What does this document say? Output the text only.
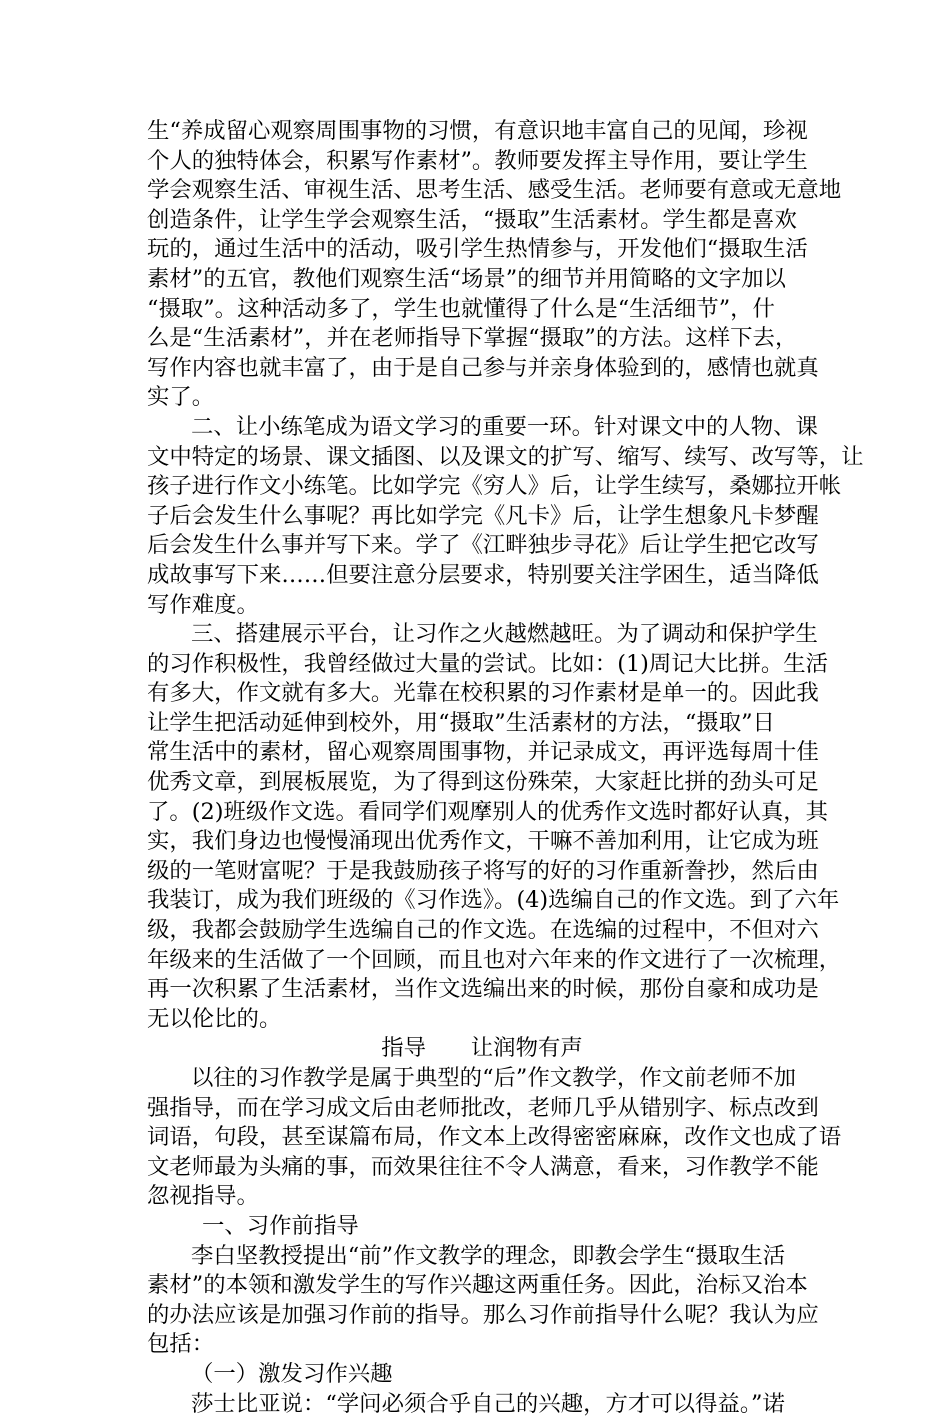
生“养成留心观察周围事物的习惯，有意识地丰富自己的见闻，珍视
个人的独特体会，积累写作素材”。教师要发挥主导作用，要让学生
学会观察生活、审视生活、思考生活、感受生活。老师要有意或无意地
创造条件，让学生学会观察生活，“摄取”生活素材。学生都是喜欢
玩的，通过生活中的活动，吸引学生热情参与，开发他们“摄取生活
素材”的五官，教他们观察生活“场景”的细节并用简略的文字加以
“摄取”。这种活动多了，学生也就懂得了什么是“生活细节”，什
么是“生活素材”，并在老师指导下掌握“摄取”的方法。这样下去，
写作内容也就丰富了，由于是自己参与并亲身体验到的，感情也就真
实了。
二、让小练笔成为语文学习的重要一环。针对课文中的人物、课
文中特定的场景、课文插图、以及课文的扩写、缩写、续写、改写等，让
孩子进行作文小练笔。比如学完《穷人》后，让学生续写，桑娜拉开帐
子后会发生什么事呢？再比如学完《凡卡》后，让学生想象凡卡梦醒
后会发生什么事并写下来。学了《江畔独步寻花》后让学生把它改写
成故事写下来……但要注意分层要求，特别要关注学困生，适当降低
写作难度。
三、搭建展示平台，让习作之火越燃越旺。为了调动和保护学生
的习作积极性，我曾经做过大量的尝试。比如：(1)周记大比拼。生活
有多大，作文就有多大。光靠在校积累的习作素材是单一的。因此我
让学生把活动延伸到校外，用“摄取”生活素材的方法，“摄取”日
常生活中的素材，留心观察周围事物，并记录成文，再评选每周十佳
优秀文章，到展板展览，为了得到这份殊荣，大家赶比拼的劲头可足
了。(2)班级作文选。看同学们观摩别人的优秀作文选时都好认真，其
实，我们身边也慢慢涌现出优秀作文，干嘛不善加利用，让它成为班
级的一笔财富呢？于是我鼓励孩子将写的好的习作重新誊抄，然后由
我装订，成为我们班级的《习作选》。(4)选编自己的作文选。到了六年
级，我都会鼓励学生选编自己的作文选。在选编的过程中，不但对六
年级来的生活做了一个回顾，而且也对六年来的作文进行了一次梳理，
再一次积累了生活素材，当作文选编出来的时候，那份自豪和成功是
无以伦比的。
指导　　让润物有声
以往的习作教学是属于典型的“后”作文教学，作文前老师不加
强指导，而在学习成文后由老师批改，老师几乎从错别字、标点改到
词语，句段，甚至谋篇布局，作文本上改得密密麻麻，改作文也成了语
文老师最为头痛的事，而效果往往不令人满意，看来，习作教学不能
忽视指导。
一、习作前指导
李白坚教授提出“前”作文教学的理念，即教会学生“摄取生活
素材”的本领和激发学生的写作兴趣这两重任务。因此，治标又治本
的办法应该是加强习作前的指导。那么习作前指导什么呢？我认为应
包括：
（一）激发习作兴趣
莎士比亚说：“学问必须合乎自己的兴趣，方才可以得益。”诺
